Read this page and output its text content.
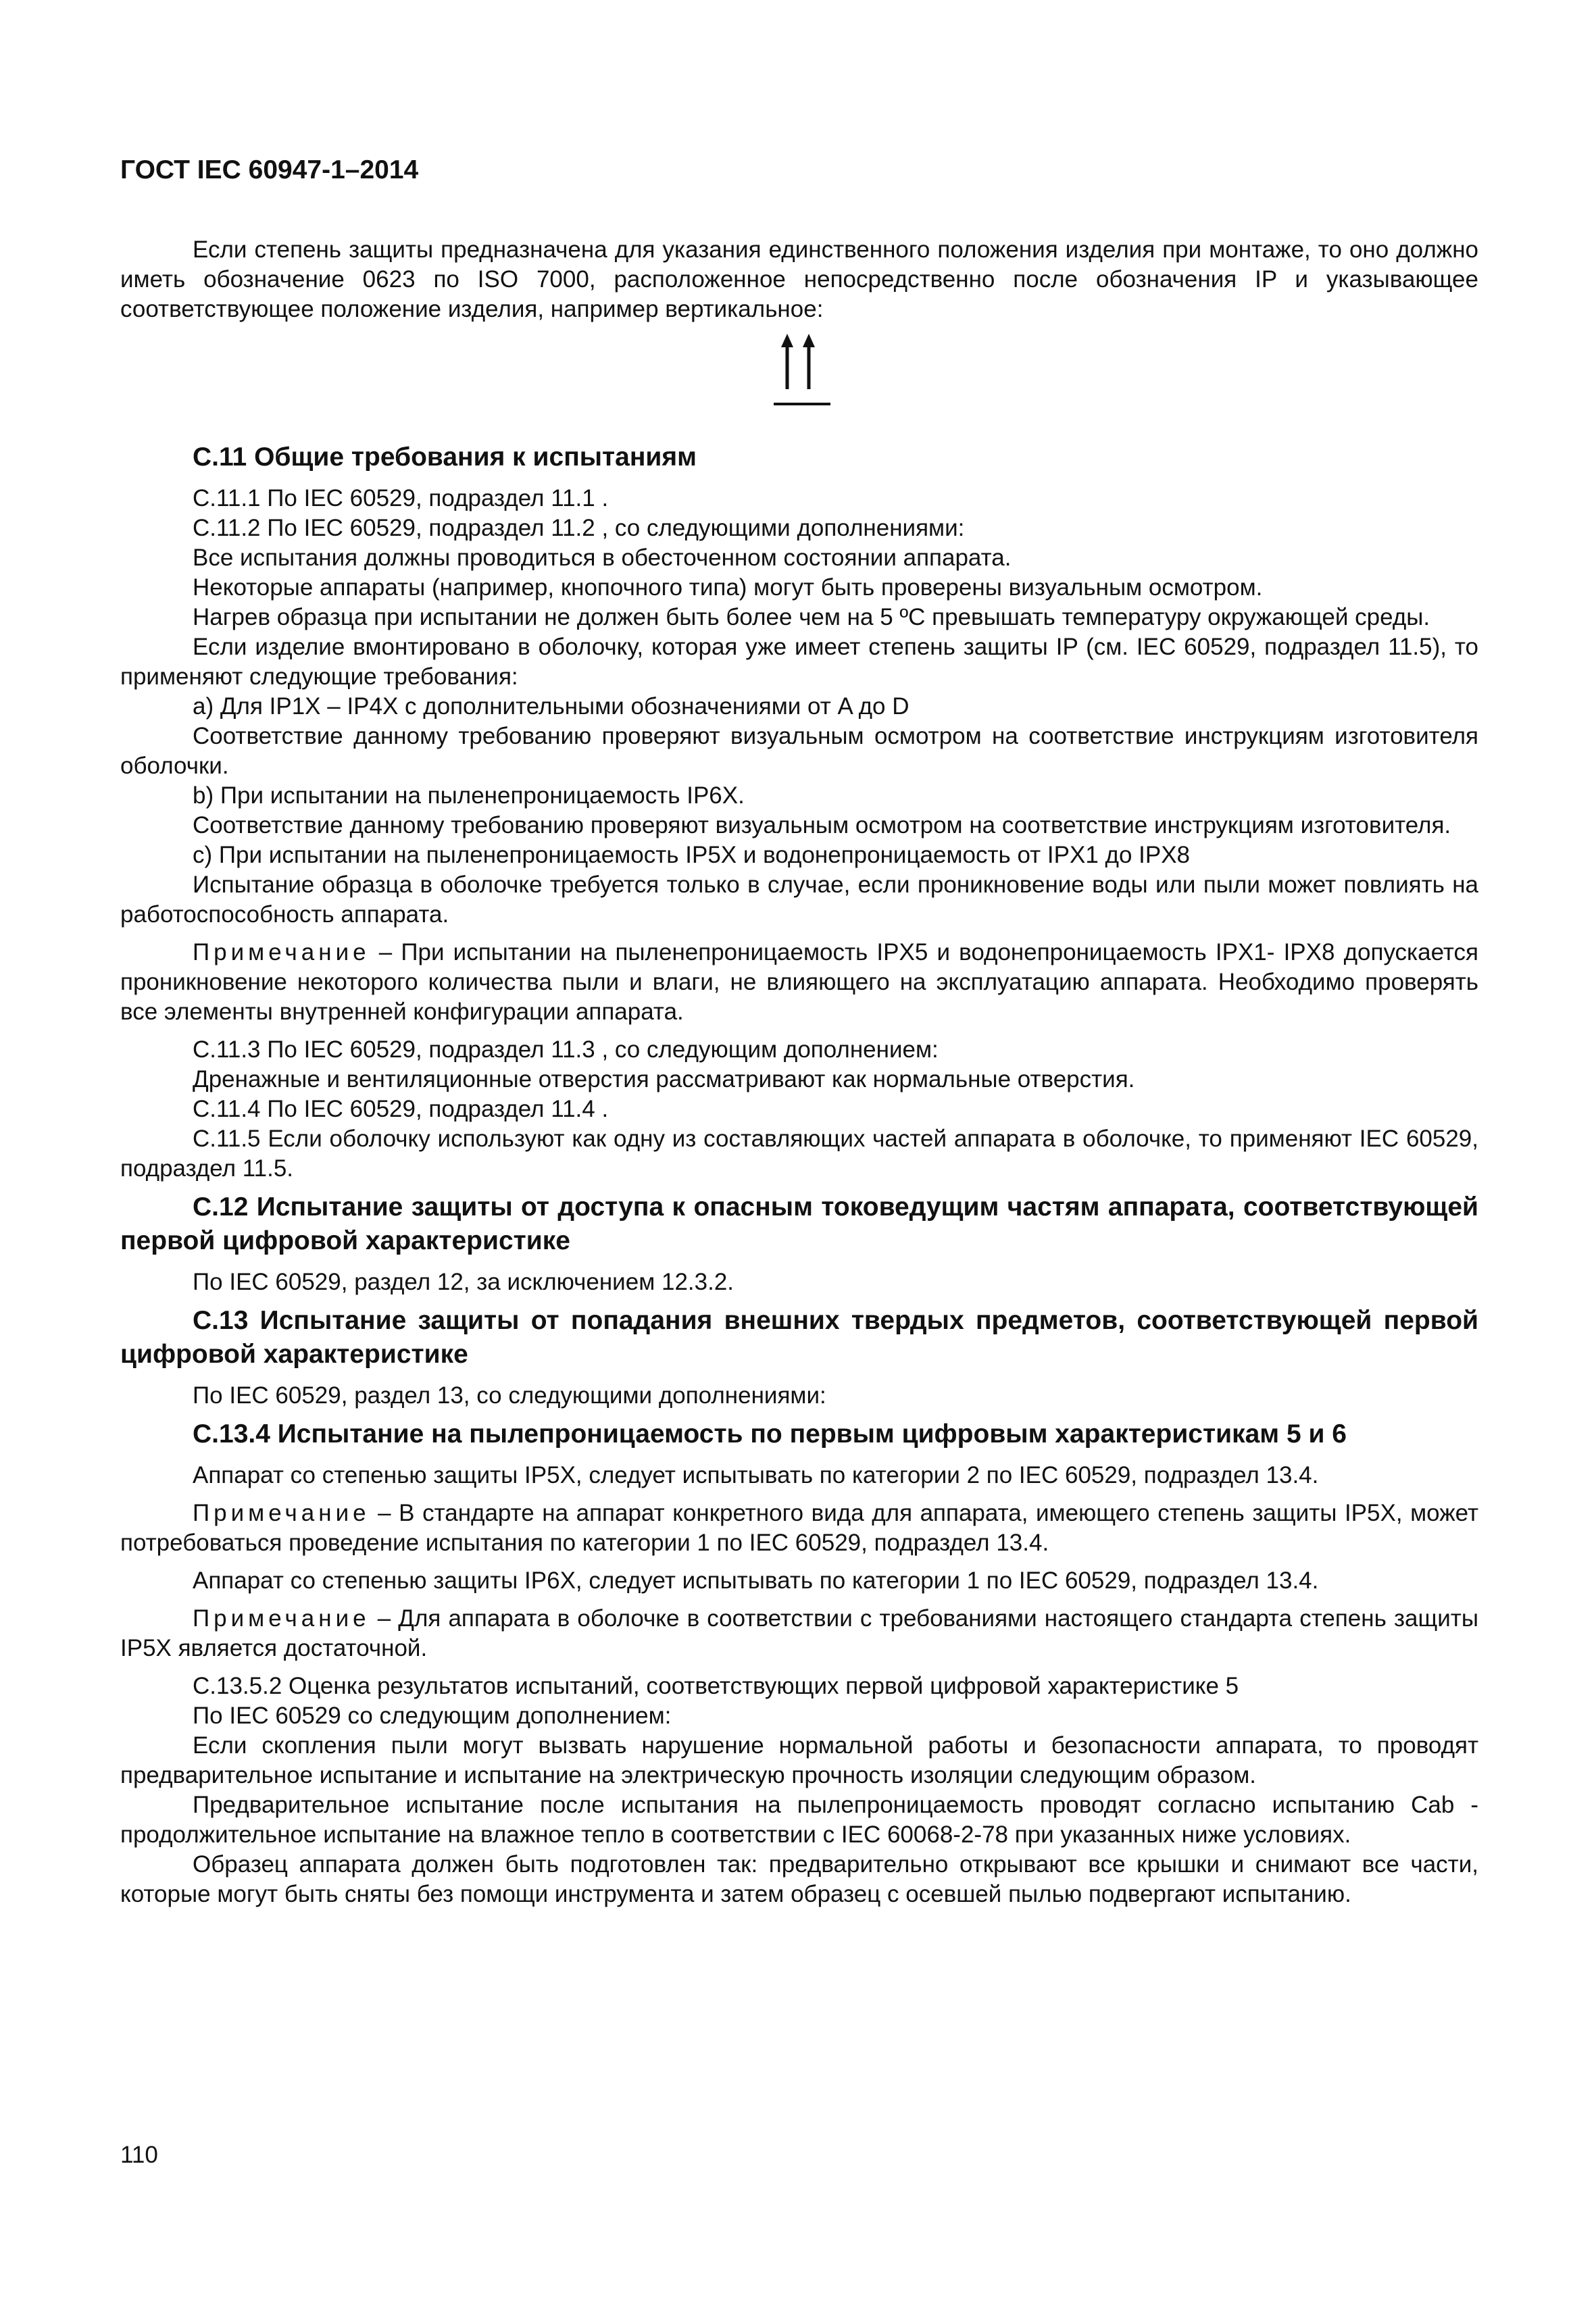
ГОСТ IEC 60947-1–2014

Если степень защиты предназначена для указания единственного положения изделия при монтаже, то оно должно иметь обозначение 0623 по ISO 7000, расположенное непосредственно после обозначения IP и указывающее соответствующее положение изделия, например вертикальное:

С.11 Общие требования к испытаниям

С.11.1 По IEC 60529, подраздел 11.1 .

С.11.2 По IEC 60529, подраздел 11.2 , со следующими дополнениями:

Все испытания должны проводиться в обесточенном состоянии аппарата.

Некоторые аппараты (например, кнопочного типа) могут быть проверены визуальным осмотром.

Нагрев образца при испытании не должен быть более чем на 5 ºС превышать температуру окружающей среды.

Если изделие вмонтировано в оболочку, которая уже имеет степень защиты IP (см. IEC 60529, подраздел 11.5), то применяют следующие требования:

а) Для IP1X – IP4X с дополнительными обозначениями от A до D

Соответствие данному требованию проверяют визуальным осмотром на соответствие инструкциям изготовителя оболочки.

b) При испытании на пыленепроницаемость IP6X.

Соответствие данному требованию проверяют визуальным осмотром на соответствие инструкциям изготовителя.

c) При испытании на пыленепроницаемость IP5X и водонепроницаемость от IPX1 до IPX8

Испытание образца в оболочке требуется только в случае, если проникновение воды или пыли может повлиять на работоспособность аппарата.

Примечание – При испытании на пыленепроницаемость IPX5 и водонепроницаемость IPX1- IPX8 допускается проникновение некоторого количества пыли и влаги, не влияющего на эксплуатацию аппарата. Необходимо проверять все элементы внутренней конфигурации аппарата.

С.11.3 По IEC 60529, подраздел 11.3 , со следующим дополнением:

Дренажные и вентиляционные отверстия рассматривают как нормальные отверстия.

С.11.4 По IEC 60529, подраздел 11.4 .

С.11.5 Если оболочку используют как одну из составляющих частей аппарата в оболочке, то применяют IEC 60529, подраздел 11.5.

С.12 Испытание защиты от доступа к опасным токоведущим частям аппарата, соответствующей первой цифровой характеристике

По IEC 60529, раздел 12, за исключением 12.3.2.

С.13 Испытание защиты от попадания внешних твердых предметов, соответствующей первой цифровой характеристике

По IEC 60529, раздел 13, со следующими дополнениями:

С.13.4 Испытание на пылепроницаемость по первым цифровым характеристикам 5 и 6

Аппарат со степенью защиты IP5X, следует испытывать по категории 2 по IEC 60529, подраздел 13.4.

Примечание – В стандарте на аппарат конкретного вида для аппарата, имеющего степень защиты IP5X, может потребоваться проведение испытания по категории 1 по IEC 60529, подраздел 13.4.

Аппарат со степенью защиты IP6X, следует испытывать по категории 1 по IEC 60529, подраздел 13.4.

Примечание – Для аппарата в оболочке в соответствии с требованиями настоящего стандарта степень защиты IP5X является достаточной.

С.13.5.2 Оценка результатов испытаний, соответствующих первой цифровой характеристике 5

По IEC 60529 со следующим дополнением:

Если скопления пыли могут вызвать нарушение нормальной работы и безопасности аппарата, то проводят предварительное испытание и испытание на электрическую прочность изоляции следующим образом.

Предварительное испытание после испытания на пылепроницаемость проводят согласно испытанию Cab - продолжительное испытание на влажное тепло в соответствии с IEC 60068-2-78 при указанных ниже условиях.

Образец аппарата должен быть подготовлен так: предварительно открывают все крышки и снимают все части, которые могут быть сняты без помощи инструмента и затем образец с осевшей пылью подвергают испытанию.

110
